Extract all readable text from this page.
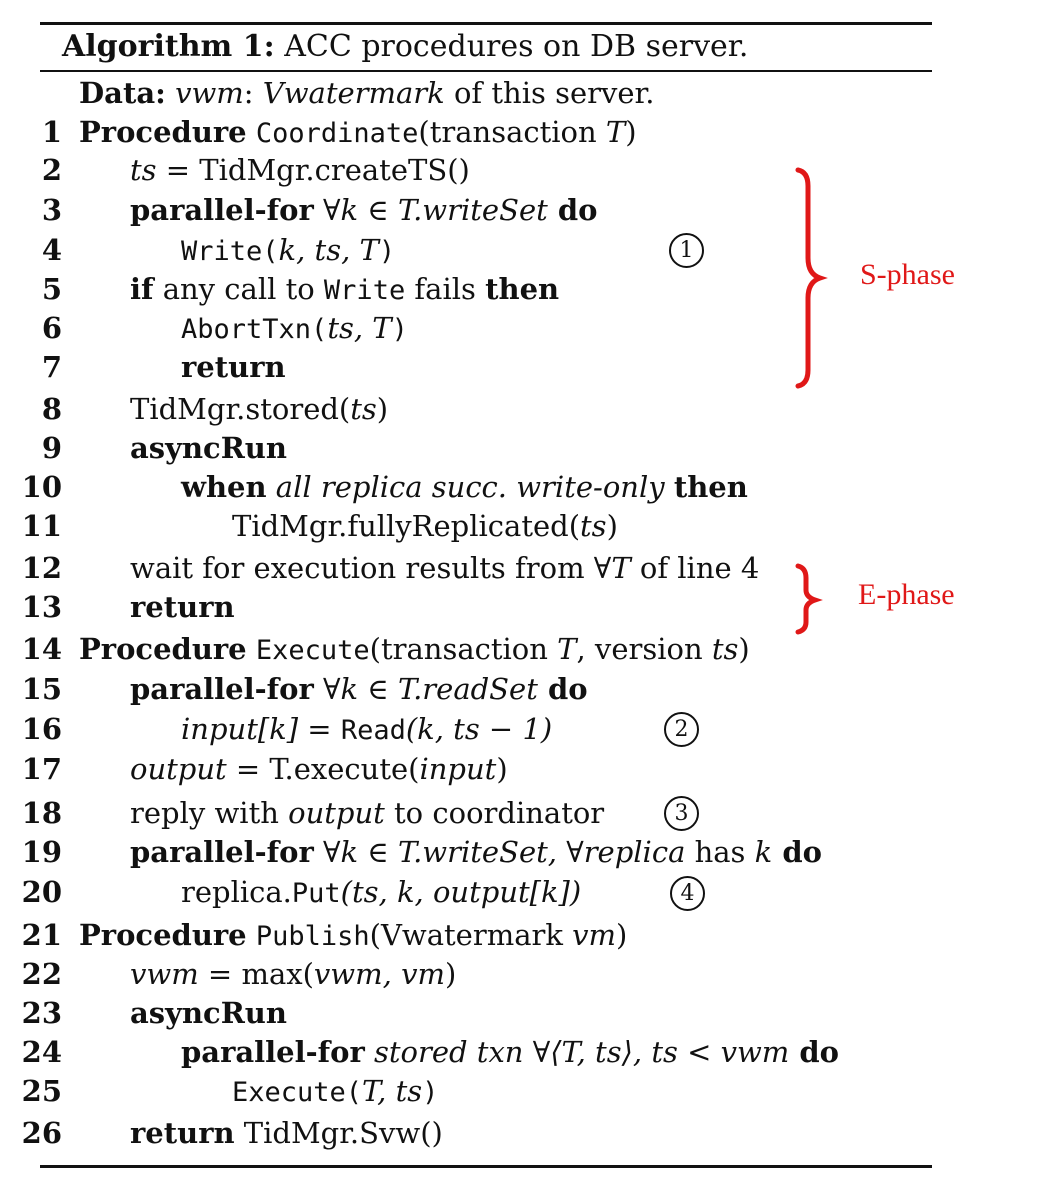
Algorithm 1: ACC procedures on DB server.
Data: vwm: Vwatermark of this server.
1 Procedure Coordinate(transaction T)
2 ts = TidMgr.createTS()
3 parallel-for ∀k ∈ T.writeSet do
4	Write(k, ts, T)
5 if any call to Write fails then
6	AbortTxn(ts, T)
7	return
8 TidMgr.stored(ts)
9 asyncRun
10	when all replica succ. write-only then
11	TidMgr.fullyReplicated(ts)
12 wait for execution results from ∀T of line 4
13 return
14 Procedure Execute(transaction T, version ts)
15 parallel-for ∀k ∈ T.readSet do
16	input[k] = Read(k, ts − 1)
17 output = T.execute(input)
18 reply with output to coordinator
19 parallel-for ∀k ∈ T.writeSet, ∀replica has k do
20	replica.Put(ts, k, output[k])
21 Procedure Publish(Vwatermark vm)
22 vwm = max(vwm, vm)
23 asyncRun
24	parallel-for stored txn ∀⟨T, ts⟩, ts < vwm do
25	Execute(T, ts)
26 return TidMgr.Svw()
1
2
3
4
S-phase
E-phase
